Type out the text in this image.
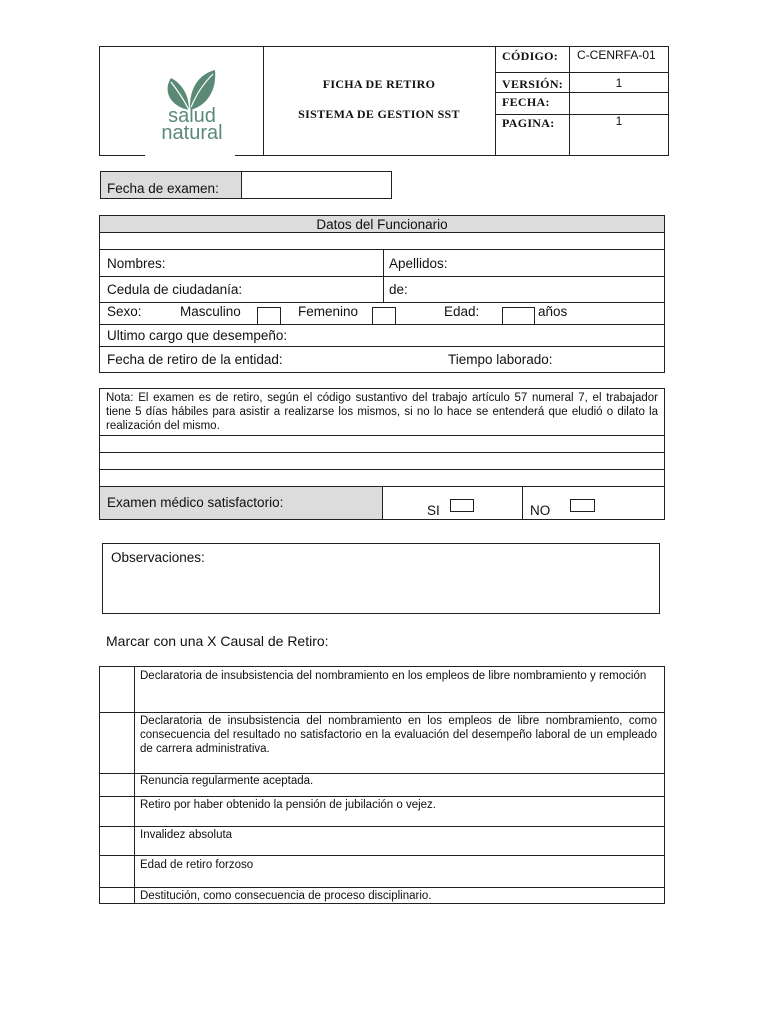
salud
natural
FICHA DE RETIRO
SISTEMA DE GESTION SST
CÓDIGO: C-CENRFA-01
VERSIÓN:	1
FECHA:
PAGINA:	1
Fecha de examen:
Datos del Funcionario
Nombres:	Apellidos:
Cedula de ciudadanía:	de:
Sexo:	Masculino	Femenino	Edad:	años
Ultimo cargo que desempeño:
Fecha de retiro de la entidad:	Tiempo laborado:
Nota: El examen es de retiro, según el código sustantivo del trabajo artículo 57 numeral 7, el trabajador tiene 5 días hábiles para asistir a realizarse los mismos, si no lo hace se entenderá que eludió o dilato la realización del mismo.
Examen médico satisfactorio:
SI	NO
Observaciones:
Marcar con una X Causal de Retiro:
Declaratoria de insubsistencia del nombramiento en los empleos de libre nombramiento y remoción
Declaratoria de insubsistencia del nombramiento en los empleos de libre nombramiento, como consecuencia del resultado no satisfactorio en la evaluación del desempeño laboral de un empleado de carrera administrativa.
Renuncia regularmente aceptada.
Retiro por haber obtenido la pensión de jubilación o vejez.
Invalidez absoluta
Edad de retiro forzoso
Destitución, como consecuencia de proceso disciplinario.
